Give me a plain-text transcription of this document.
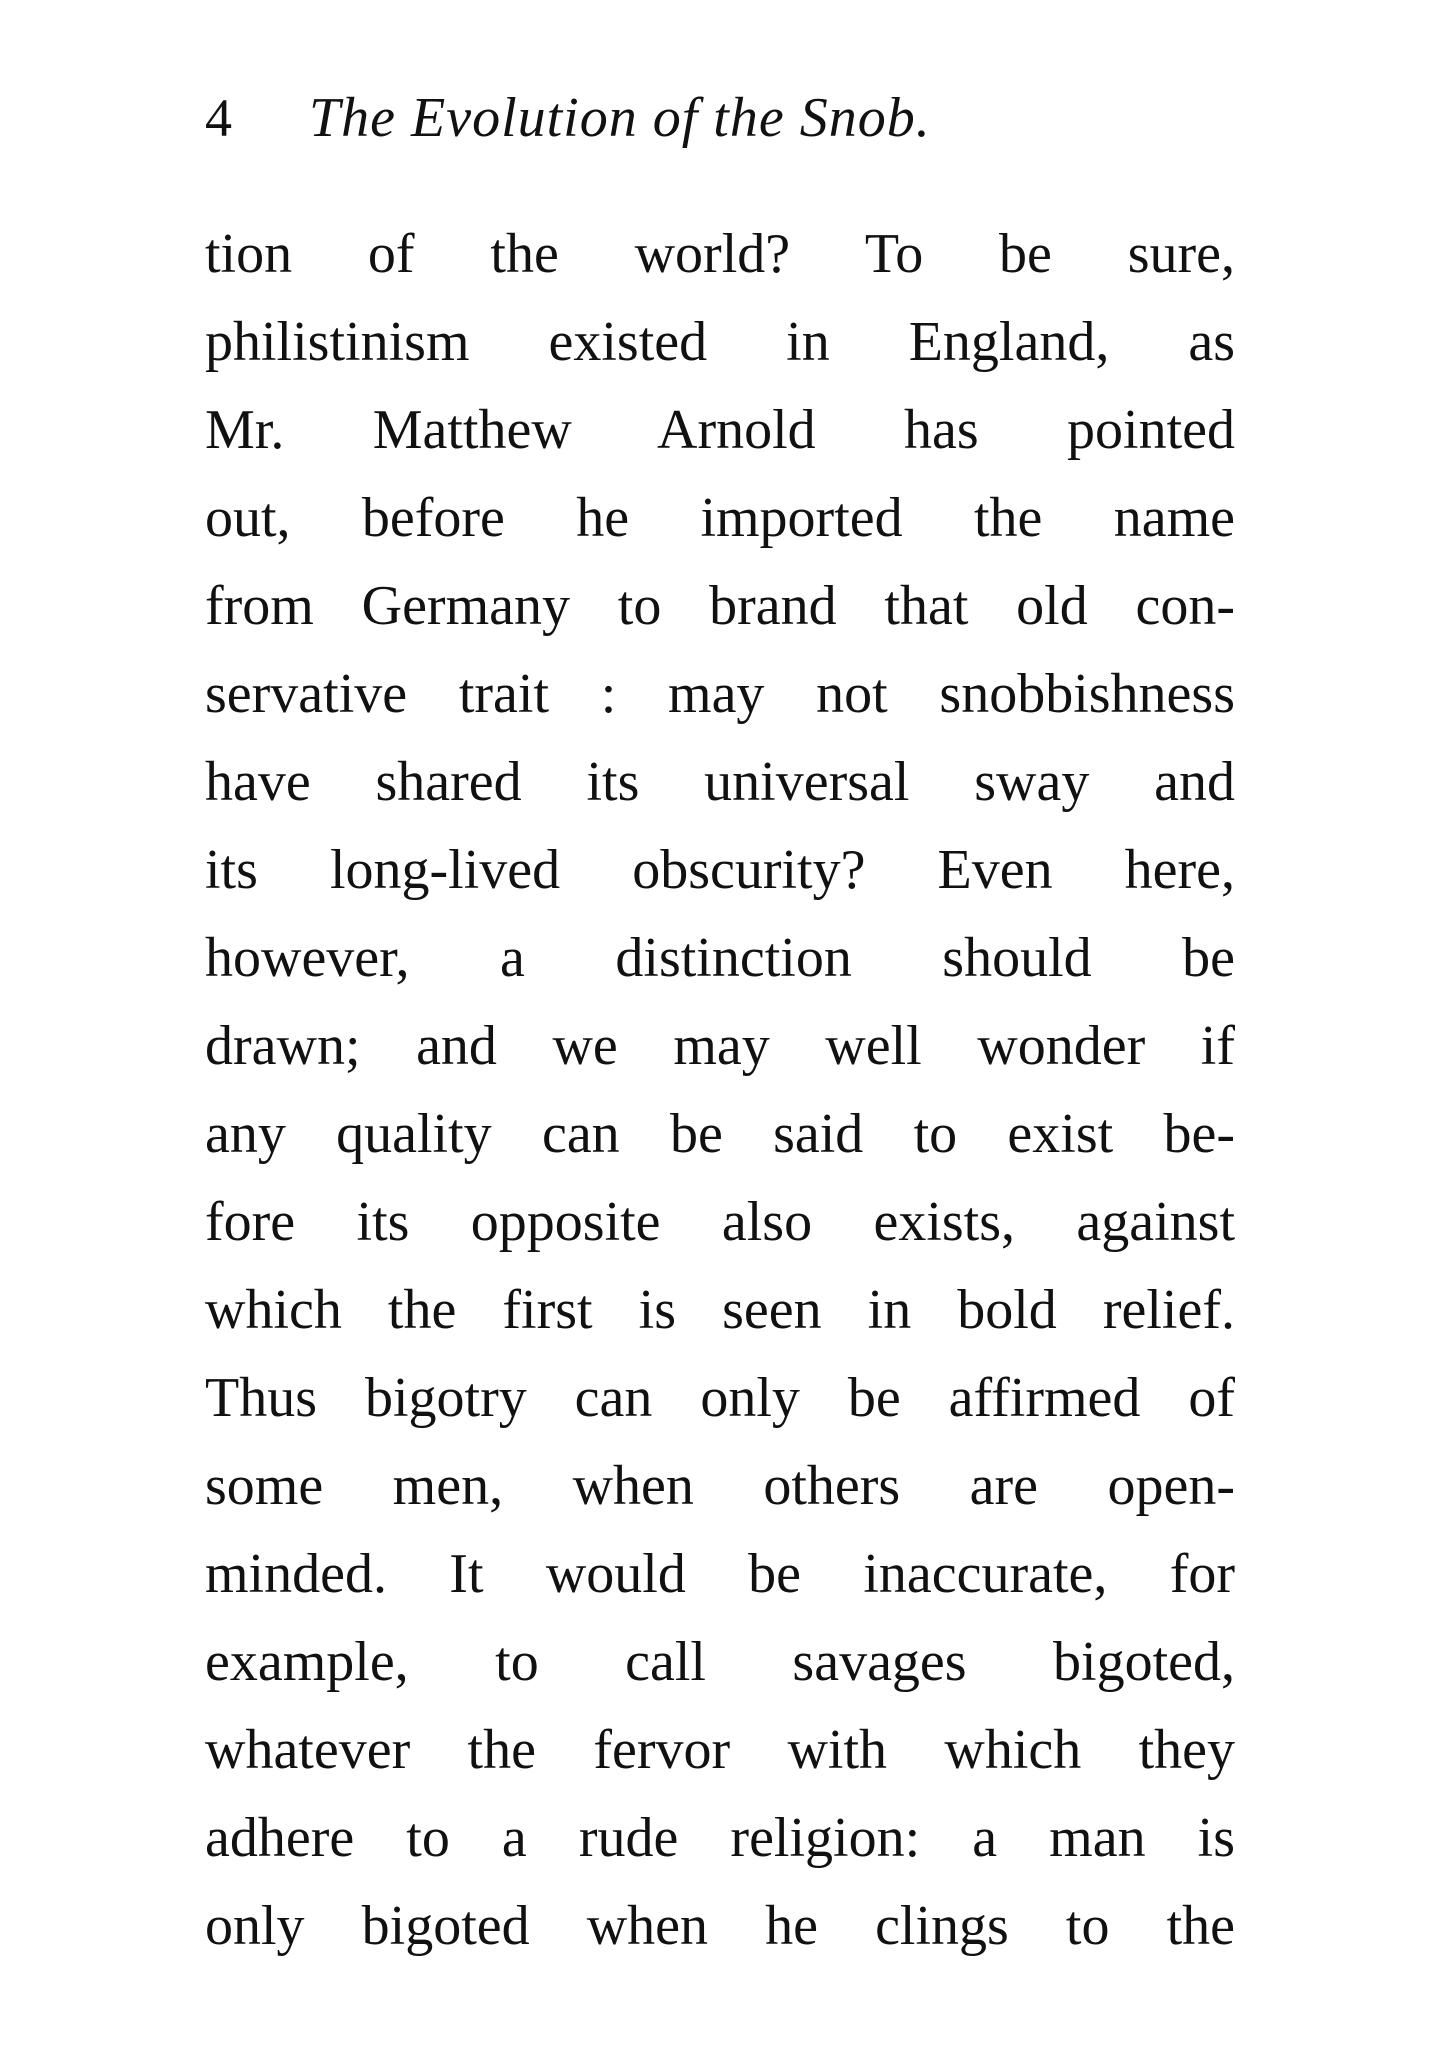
4 The Evolution of the Snob.
tion of the world? To be sure,
philistinism existed in England, as
Mr. Matthew Arnold has pointed
out, before he imported the name
from Germany to brand that old con-
servative trait : may not snobbishness
have shared its universal sway and
its long-lived obscurity? Even here,
however, a distinction should be
drawn; and we may well wonder if
any quality can be said to exist be-
fore its opposite also exists, against
which the first is seen in bold relief.
Thus bigotry can only be affirmed of
some men, when others are open-
minded. It would be inaccurate, for
example, to call savages bigoted,
whatever the fervor with which they
adhere to a rude religion: a man is
only bigoted when he clings to the
